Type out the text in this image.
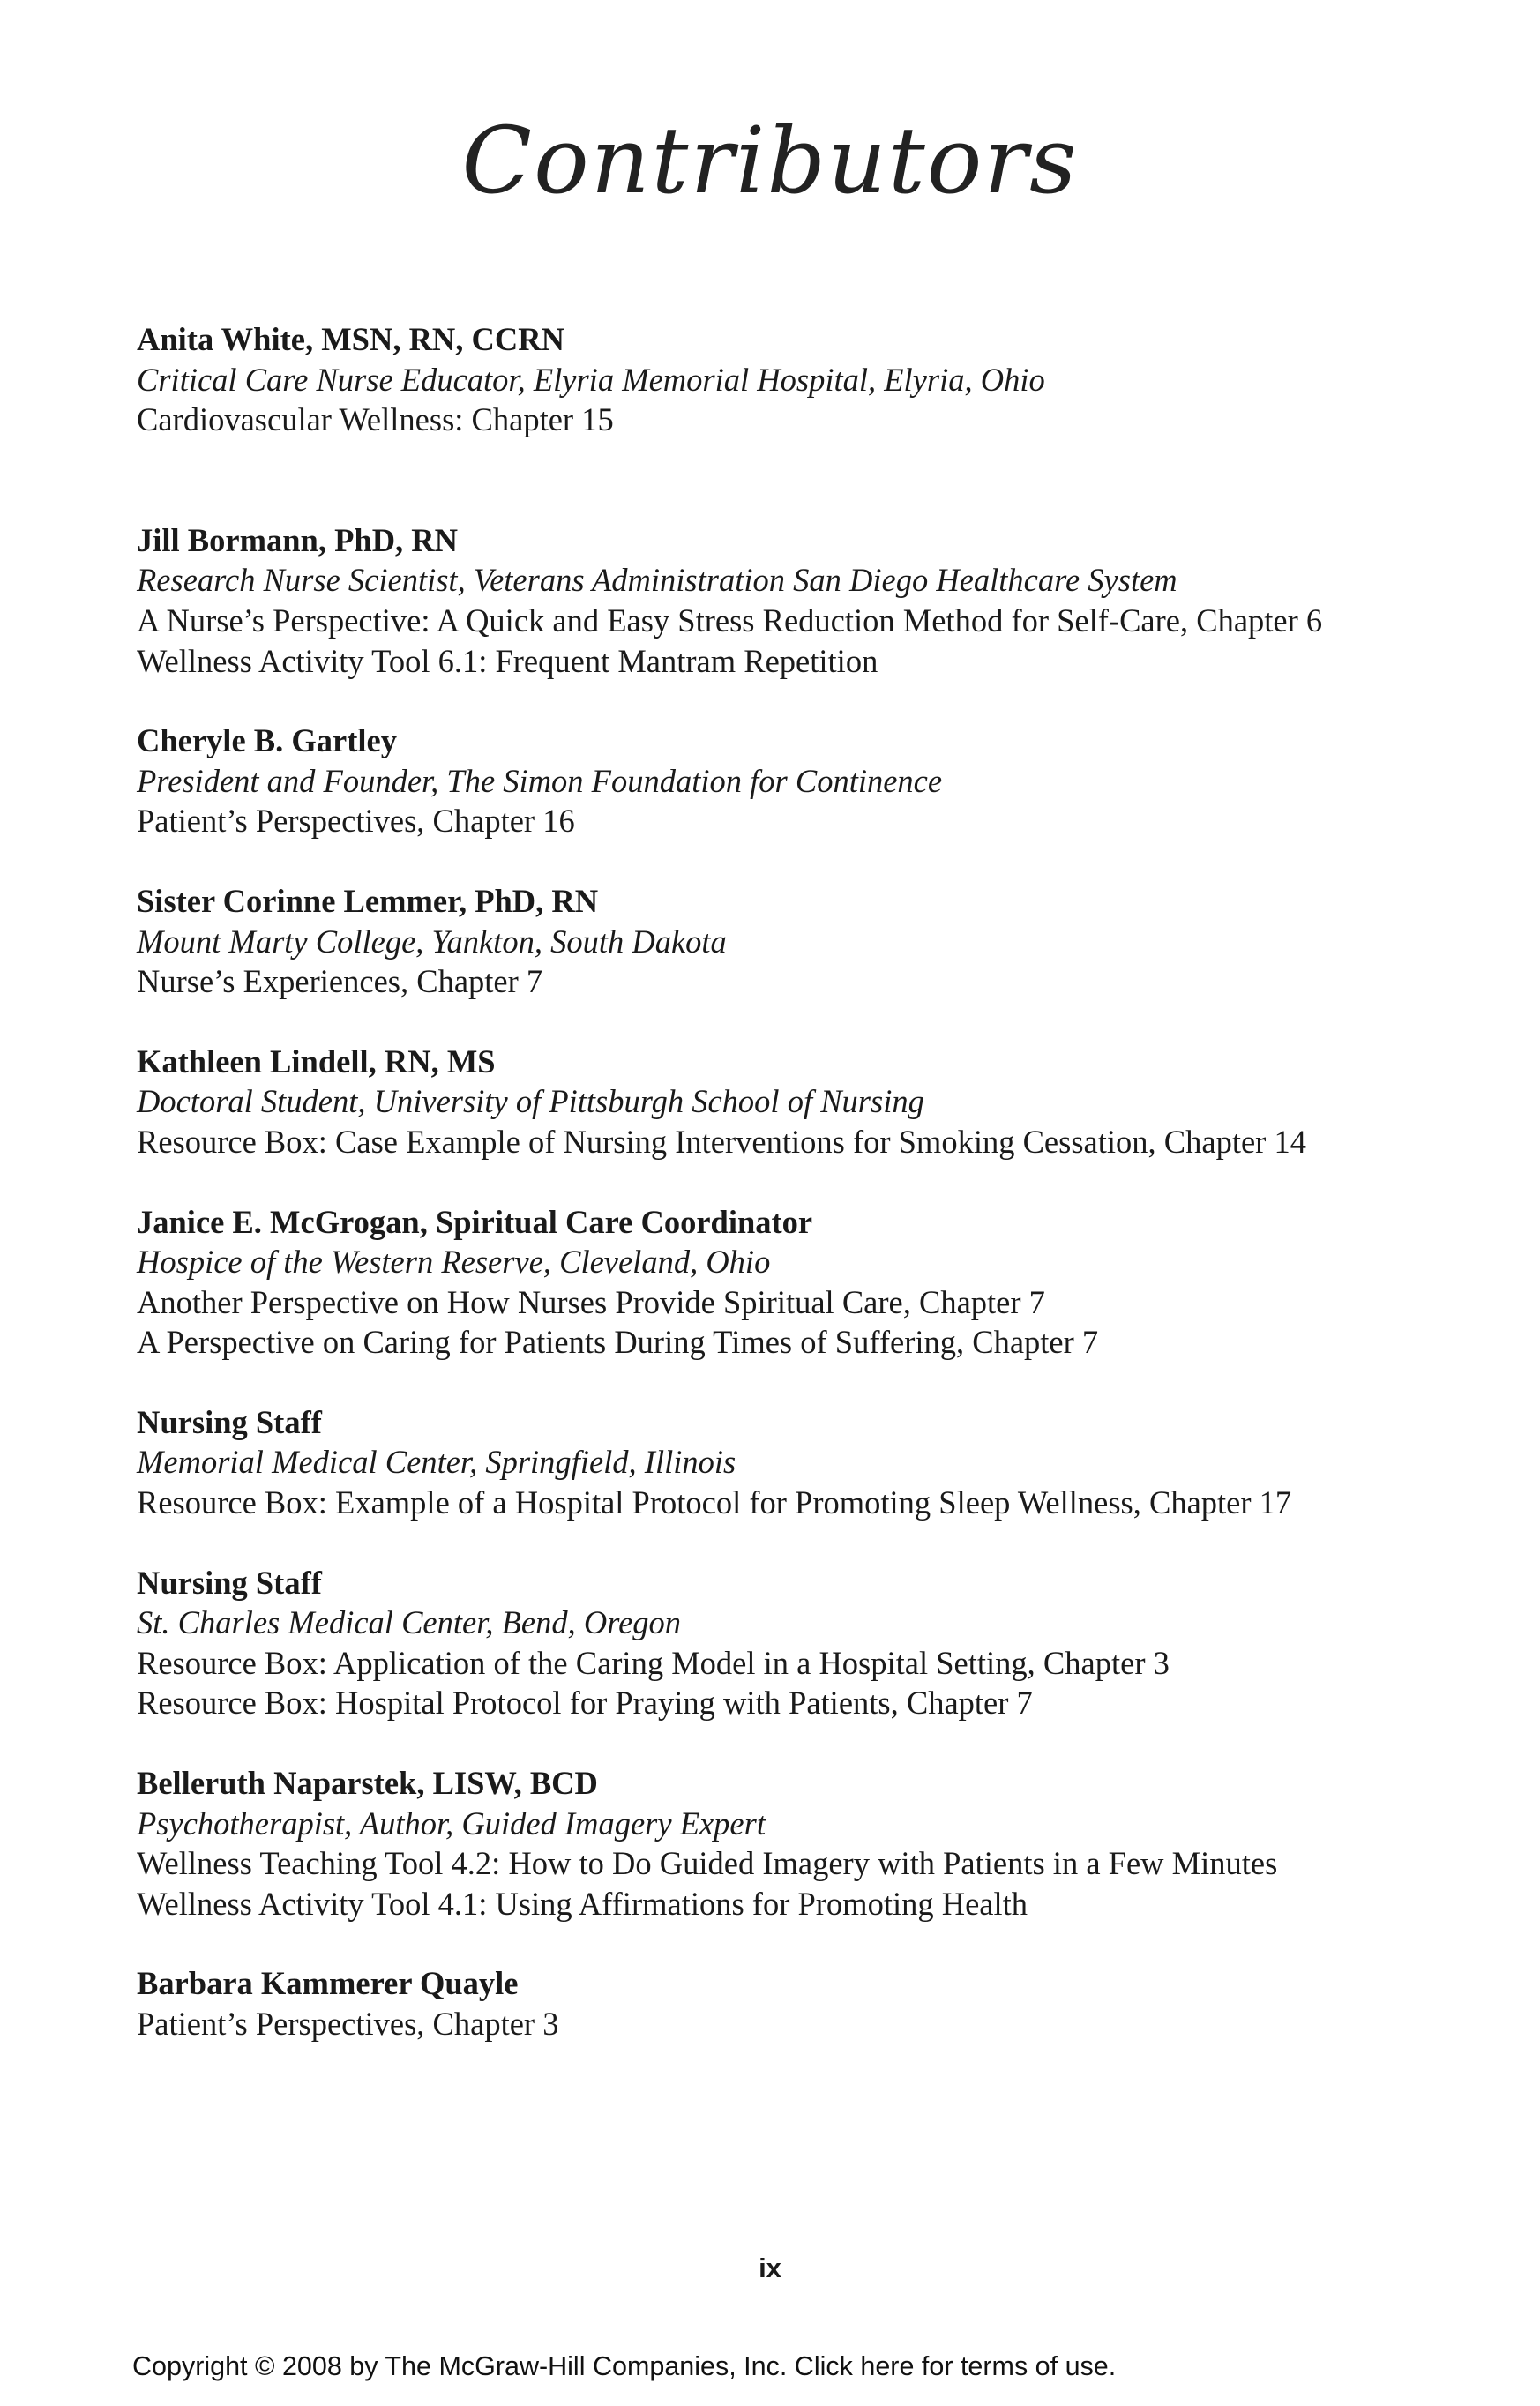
Contributors
Anita White, MSN, RN, CCRN
Critical Care Nurse Educator, Elyria Memorial Hospital, Elyria, Ohio
Cardiovascular Wellness: Chapter 15
Jill Bormann, PhD, RN
Research Nurse Scientist, Veterans Administration San Diego Healthcare System
A Nurse’s Perspective: A Quick and Easy Stress Reduction Method for Self-Care, Chapter 6
Wellness Activity Tool 6.1: Frequent Mantram Repetition
Cheryle B. Gartley
President and Founder, The Simon Foundation for Continence
Patient’s Perspectives, Chapter 16
Sister Corinne Lemmer, PhD, RN
Mount Marty College, Yankton, South Dakota
Nurse’s Experiences, Chapter 7
Kathleen Lindell, RN, MS
Doctoral Student, University of Pittsburgh School of Nursing
Resource Box: Case Example of Nursing Interventions for Smoking Cessation, Chapter 14
Janice E. McGrogan, Spiritual Care Coordinator
Hospice of the Western Reserve, Cleveland, Ohio
Another Perspective on How Nurses Provide Spiritual Care, Chapter 7
A Perspective on Caring for Patients During Times of Suffering, Chapter 7
Nursing Staff
Memorial Medical Center, Springfield, Illinois
Resource Box: Example of a Hospital Protocol for Promoting Sleep Wellness, Chapter 17
Nursing Staff
St. Charles Medical Center, Bend, Oregon
Resource Box: Application of the Caring Model in a Hospital Setting, Chapter 3
Resource Box: Hospital Protocol for Praying with Patients, Chapter 7
Belleruth Naparstek, LISW, BCD
Psychotherapist, Author, Guided Imagery Expert
Wellness Teaching Tool 4.2: How to Do Guided Imagery with Patients in a Few Minutes
Wellness Activity Tool 4.1: Using Affirmations for Promoting Health
Barbara Kammerer Quayle
Patient’s Perspectives, Chapter 3
ix
Copyright © 2008 by The McGraw-Hill Companies, Inc. Click here for terms of use.
